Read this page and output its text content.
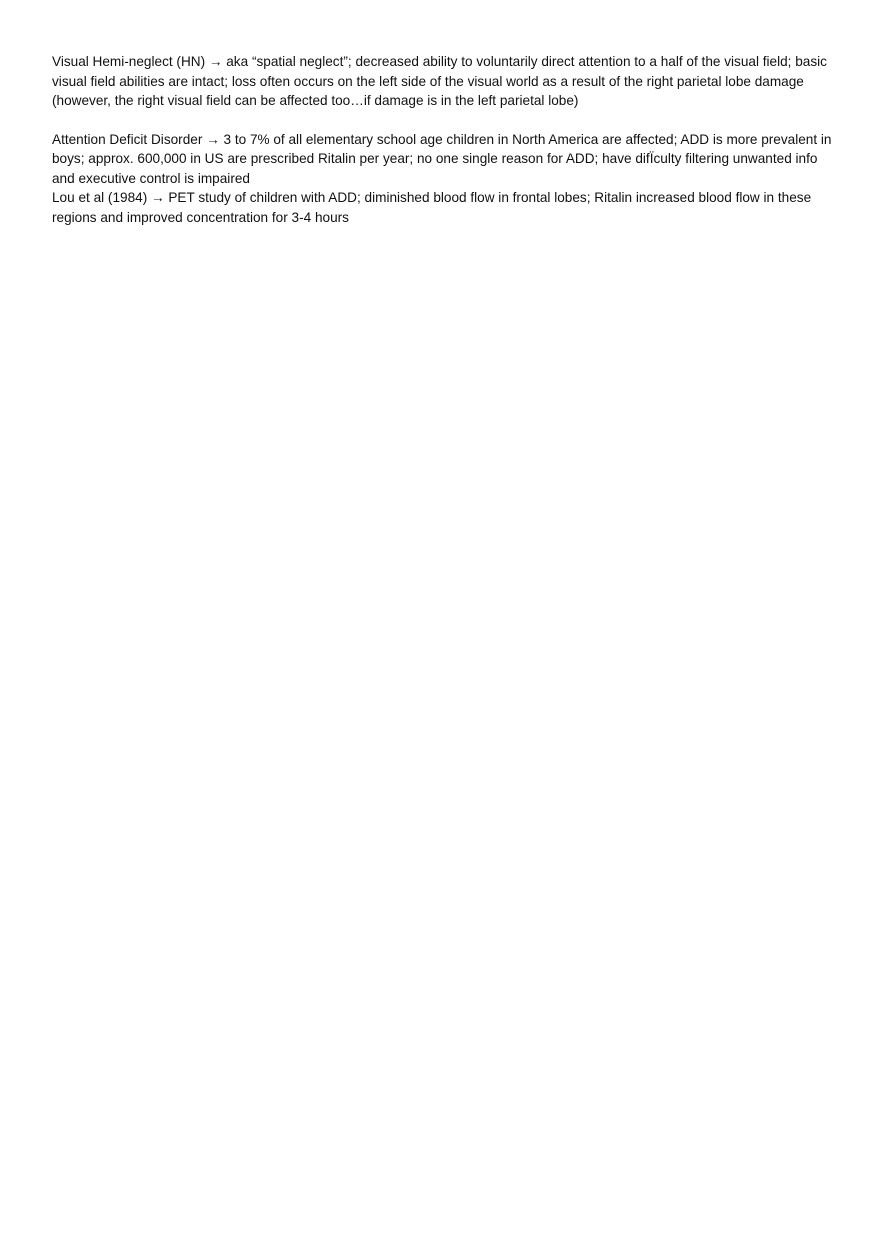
Visual Hemi-neglect (HN) → aka “spatial neglect”; decreased ability to voluntarily direct attention to a half of the visual field; basic visual field abilities are intact; loss often occurs on the left side of the visual world as a result of the right parietal lobe damage (however, the right visual field can be affected too…if damage is in the left parietal lobe)

Attention Deficit Disorder → 3 to 7% of all elementary school age children in North America are affected; ADD is more prevalent in boys; approx. 600,000 in US are prescribed Ritalin per year; no one single reason for ADD; have difÏculty filtering unwanted info and executive control is impaired

Lou et al (1984) → PET study of children with ADD; diminished blood flow in frontal lobes; Ritalin increased blood flow in these regions and improved concentration for 3-4 hours
